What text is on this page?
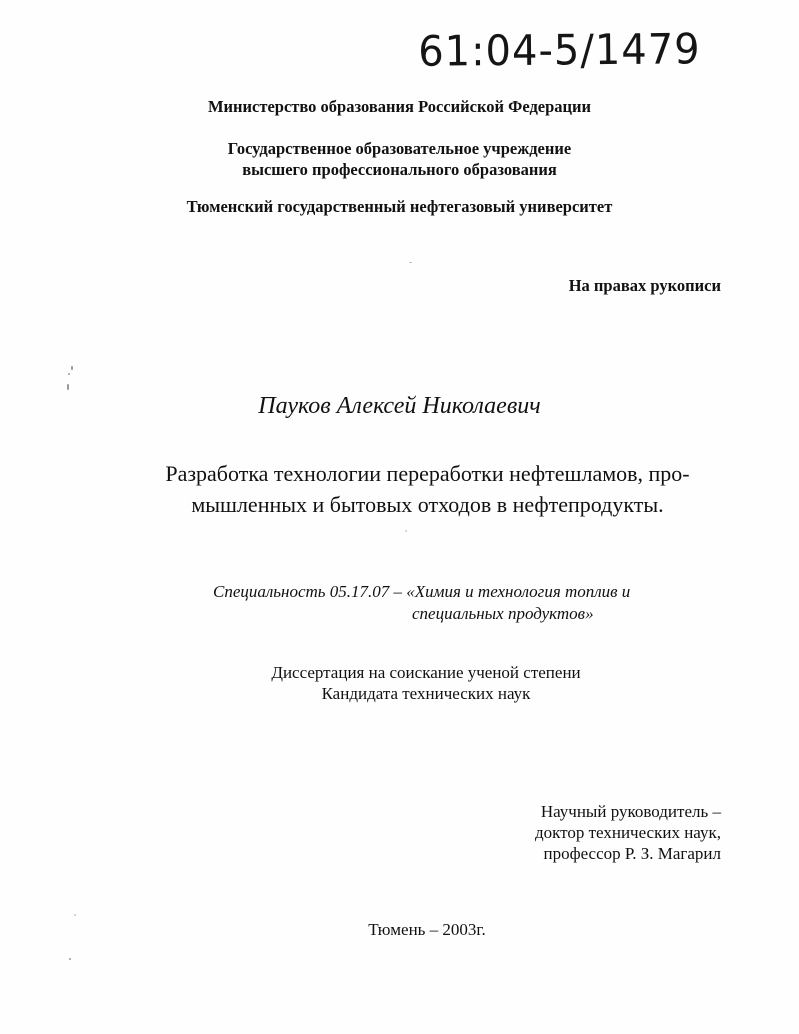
61:04-5/1479
Министерство образования Российской Федерации
Государственное образовательное учреждение
высшего профессионального образования
Тюменский государственный нефтегазовый университет
На правах рукописи
Пауков Алексей Николаевич
Разработка технологии переработки нефтешламов, про-
мышленных и бытовых отходов в нефтепродукты.
Специальность 05.17.07 – «Химия и технология топлив и
специальных продуктов»
Диссертация на соискание ученой степени
Кандидата технических наук
Научный руководитель –
доктор технических наук,
профессор Р. З. Магарил
Тюмень – 2003г.
